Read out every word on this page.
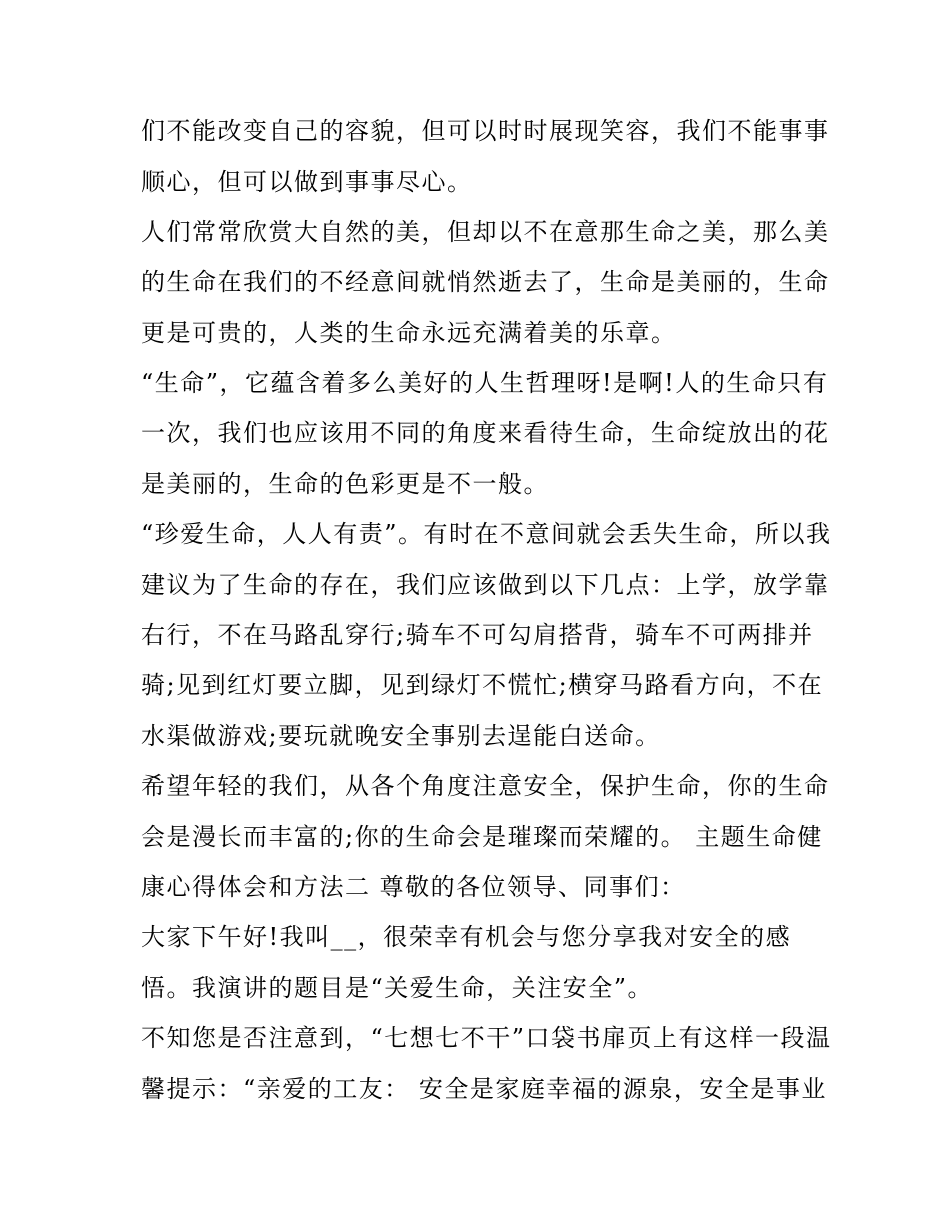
们不能改变自己的容貌，但可以时时展现笑容，我们不能事事
顺心，但可以做到事事尽心。
人们常常欣赏大自然的美，但却以不在意那生命之美，那么美
的生命在我们的不经意间就悄然逝去了，生命是美丽的，生命
更是可贵的，人类的生命永远充满着美的乐章。
“生命”，它蕴含着多么美好的人生哲理呀!是啊!人的生命只有
一次，我们也应该用不同的角度来看待生命，生命绽放出的花
是美丽的，生命的色彩更是不一般。
“珍爱生命，人人有责”。有时在不意间就会丢失生命，所以我
建议为了生命的存在，我们应该做到以下几点：上学，放学靠
右行，不在马路乱穿行;骑车不可勾肩搭背，骑车不可两排并
骑;见到红灯要立脚，见到绿灯不慌忙;横穿马路看方向，不在
水渠做游戏;要玩就晚安全事别去逞能白送命。
希望年轻的我们，从各个角度注意安全，保护生命，你的生命
会是漫长而丰富的;你的生命会是璀璨而荣耀的。 主题生命健
康心得体会和方法二 尊敬的各位领导、同事们：
大家下午好!我叫__，很荣幸有机会与您分享我对安全的感
悟。我演讲的题目是“关爱生命，关注安全”。
不知您是否注意到，“七想七不干”口袋书扉页上有这样一段温
馨提示：“亲爱的工友： 安全是家庭幸福的源泉，安全是事业
